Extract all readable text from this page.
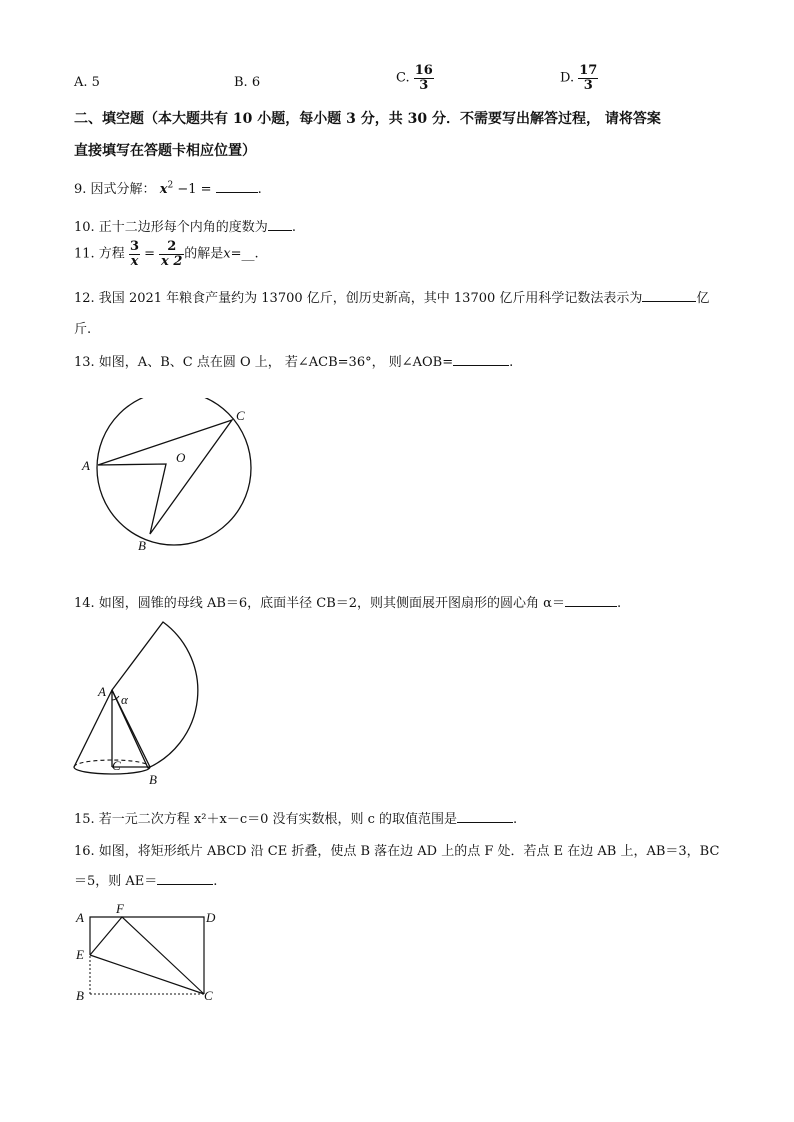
A. 5	B. 6	C. $\frac{16}{3}$	D. $\frac{17}{3}$
二、填空题（本大题共有 10 小题，每小题 3 分，共 30 分．不需要写出解答过程， 请将答案
直接填写在答题卡相应位置）
9. 因式分解： $x^2 -1$ =	.
10. 正十二边形每个内角的度数为 .
11. 方程 $\frac{3}{x} = \frac{2}{x 2}$ 的解是x=__.
12. 我国 2021 年粮食产量约为 13700 亿斤，创历史新高，其中 13700 亿斤用科学记数法表示为	亿
斤.
13. 如图，A、B、C 点在圆 O 上， 若∠ACB=36°， 则∠AOB=	.
A
C
O
B
14. 如图，圆锥的母线 AB＝6，底面半径 CB＝2，则其侧面展开图扇形的圆心角 α＝	.
A
α
C
B
15. 若一元二次方程 x²＋x－c＝0 没有实数根，则 c 的取值范围是	.
16. 如图，将矩形纸片 ABCD 沿 CE 折叠，使点 B 落在边 AD 上的点 F 处．若点 E 在边 AB 上，AB＝3，BC
＝5，则 AE＝	.
A
F
D
E
B	C
